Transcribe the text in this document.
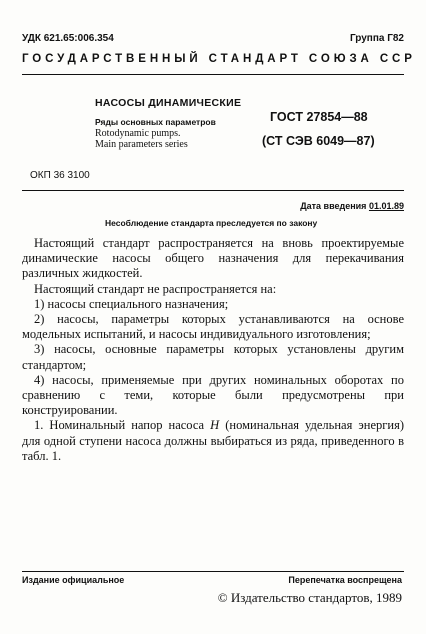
УДК 621.65:006.354	Группа Г82
ГОСУДАРСТВЕННЫЙ СТАНДАРТ СОЮЗА ССР
НАСОСЫ ДИНАМИЧЕСКИЕ
Ряды основных параметров
Rotodynamic pumps.
Main parameters series
ГОСТ 27854—88
(СТ СЭВ 6049—87)
ОКП 36 3100
Дата введения 01.01.89
Несоблюдение стандарта преследуется по закону

Настоящий стандарт распространяется на вновь проектируемые динамические насосы общего назначения для перекачивания различных жидкостей.

Настоящий стандарт не распространяется на:

1) насосы специального назначения;

2) насосы, параметры которых устанавливаются на основе модельных испытаний, и насосы индивидуального изготовления;

3) насосы, основные параметры которых установлены другим стандартом;

4) насосы, применяемые при других номинальных оборотах по сравнению с теми, которые были предусмотрены при конструировании.

1. Номинальный напор насоса H (номинальная удельная энергия) для одной ступени насоса должны выбираться из ряда, приведенного в табл. 1.

Издание официальное	Перепечатка воспрещена
© Издательство стандартов, 1989
